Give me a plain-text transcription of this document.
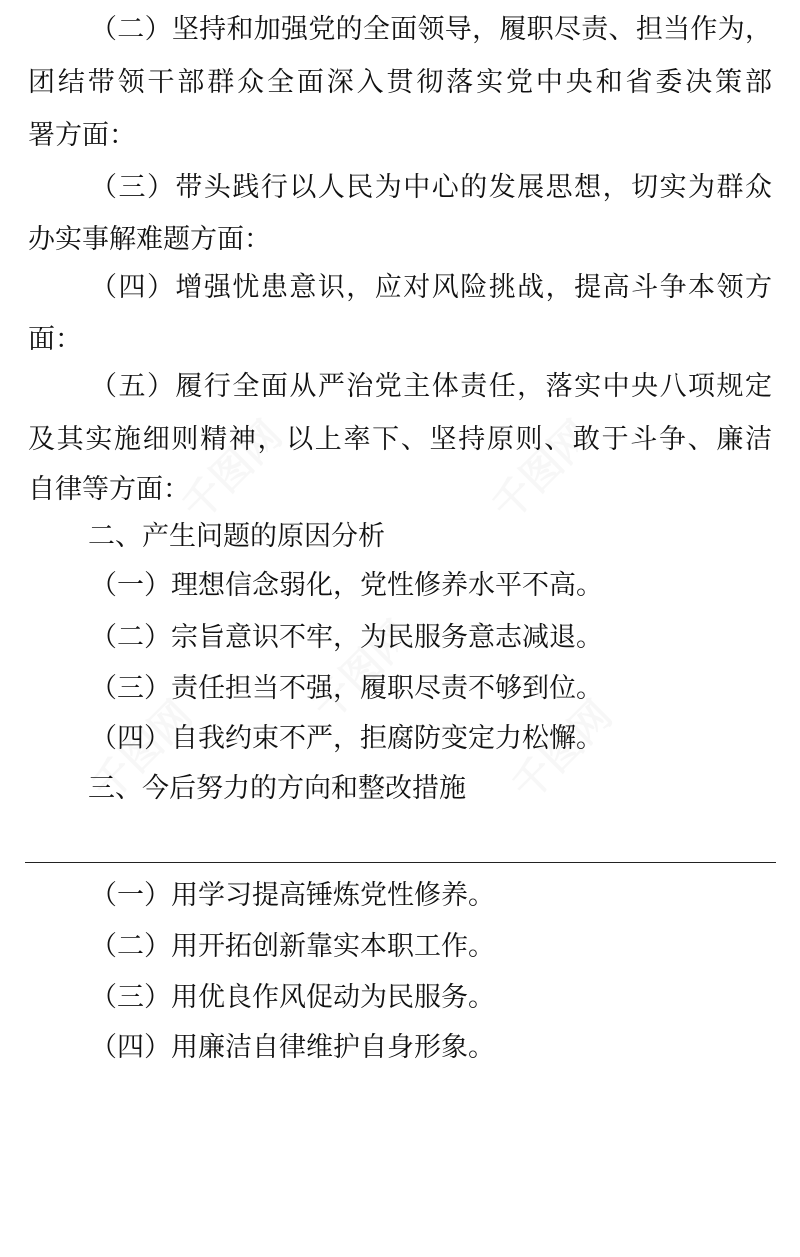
千图网	千图网
千图网
千图网	千图网
（二）坚持和加强党的全面领导，履职尽责、担当作为，
团结带领干部群众全面深入贯彻落实党中央和省委决策部
署方面：
（三）带头践行以人民为中心的发展思想，切实为群众
办实事解难题方面：
（四）增强忧患意识，应对风险挑战，提高斗争本领方
面：
（五）履行全面从严治党主体责任，落实中央八项规定
及其实施细则精神，以上率下、坚持原则、敢于斗争、廉洁
自律等方面：
二、产生问题的原因分析
（一）理想信念弱化，党性修养水平不高。
（二）宗旨意识不牢，为民服务意志减退。
（三）责任担当不强，履职尽责不够到位。
（四）自我约束不严，拒腐防变定力松懈。
三、今后努力的方向和整改措施
（一）用学习提高锤炼党性修养。
（二）用开拓创新靠实本职工作。
（三）用优良作风促动为民服务。
（四）用廉洁自律维护自身形象。
